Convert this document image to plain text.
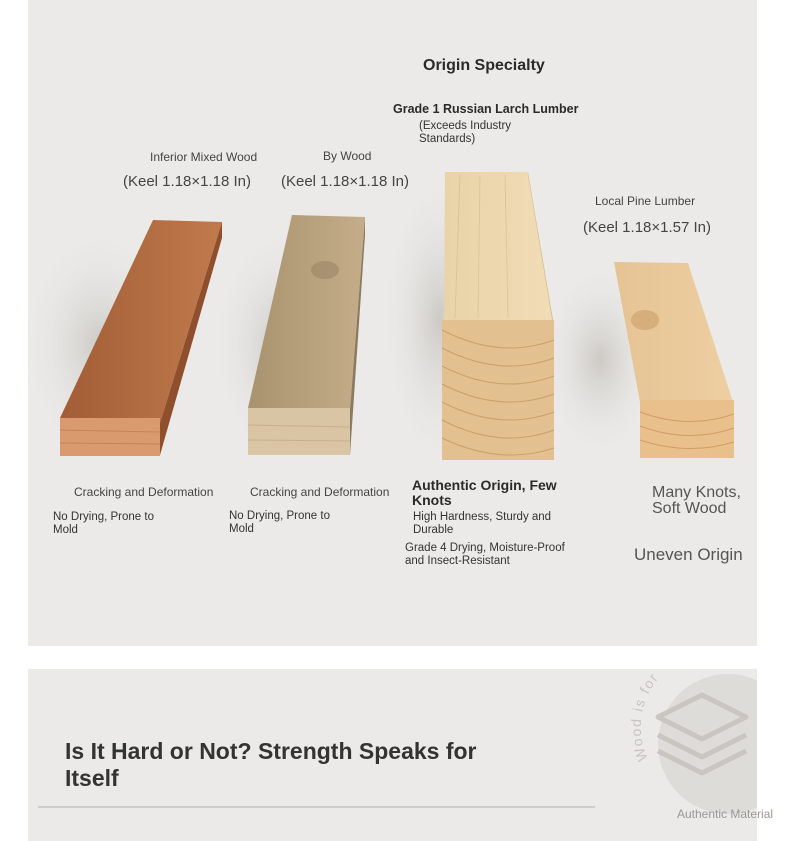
Origin Specialty
Inferior Mixed Wood
(Keel 1.18×1.18 In)
By Wood
(Keel 1.18×1.18 In)
Grade 1 Russian Larch Lumber
(Exceeds Industry Standards)
Local Pine Lumber
(Keel 1.18×1.57 In)
Cracking and Deformation
No Drying, Prone to Mold
Cracking and Deformation
No Drying, Prone to Mold
Authentic Origin, Few Knots
High Hardness, Sturdy and Durable
Grade 4 Drying, Moisture-Proof and Insect-Resistant
Many Knots, Soft Wood
Uneven Origin
Wood is for all...
Is It Hard or Not? Strength Speaks for Itself
Authentic Material
